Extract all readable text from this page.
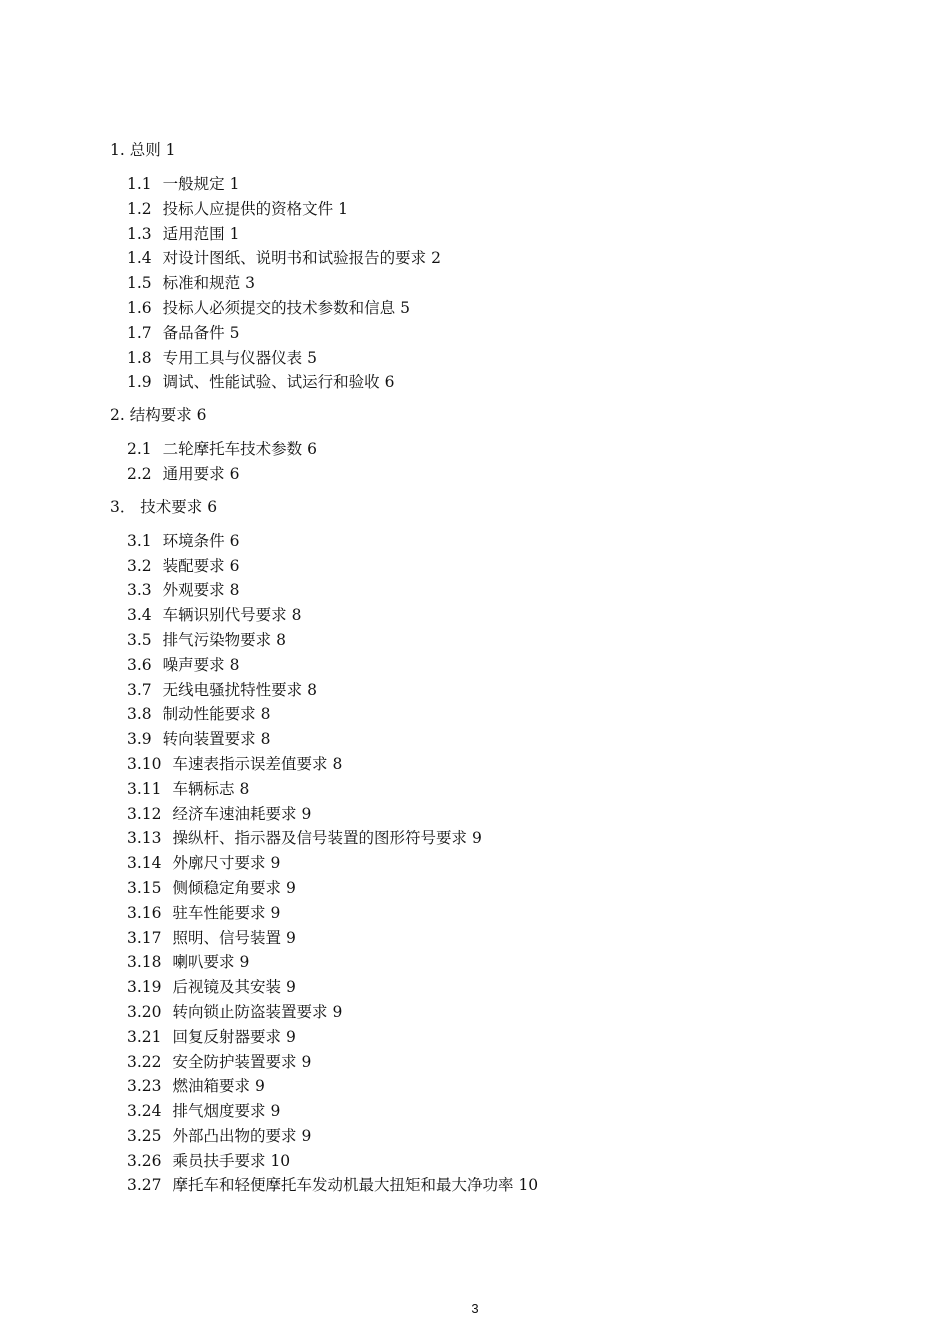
1. 总则 1
1.1 一般规定 1
1.2 投标人应提供的资格文件 1
1.3 适用范围 1
1.4 对设计图纸、说明书和试验报告的要求 2
1.5 标准和规范 3
1.6 投标人必须提交的技术参数和信息 5
1.7 备品备件 5
1.8 专用工具与仪器仪表 5
1.9 调试、性能试验、试运行和验收 6
2. 结构要求 6
2.1 二轮摩托车技术参数 6
2.2 通用要求 6
3． 技术要求 6
3.1 环境条件 6
3.2 装配要求 6
3.3 外观要求 8
3.4 车辆识别代号要求 8
3.5 排气污染物要求 8
3.6 噪声要求 8
3.7 无线电骚扰特性要求 8
3.8 制动性能要求 8
3.9 转向装置要求 8
3.10 车速表指示误差值要求 8
3.11 车辆标志 8
3.12 经济车速油耗要求 9
3.13 操纵杆、指示器及信号装置的图形符号要求 9
3.14 外廓尺寸要求 9
3.15 侧倾稳定角要求 9
3.16 驻车性能要求 9
3.17 照明、信号装置 9
3.18 喇叭要求 9
3.19 后视镜及其安装 9
3.20 转向锁止防盗装置要求 9
3.21 回复反射器要求 9
3.22 安全防护装置要求 9
3.23 燃油箱要求 9
3.24 排气烟度要求 9
3.25 外部凸出物的要求 9
3.26 乘员扶手要求 10
3.27 摩托车和轻便摩托车发动机最大扭矩和最大净功率 10
3
